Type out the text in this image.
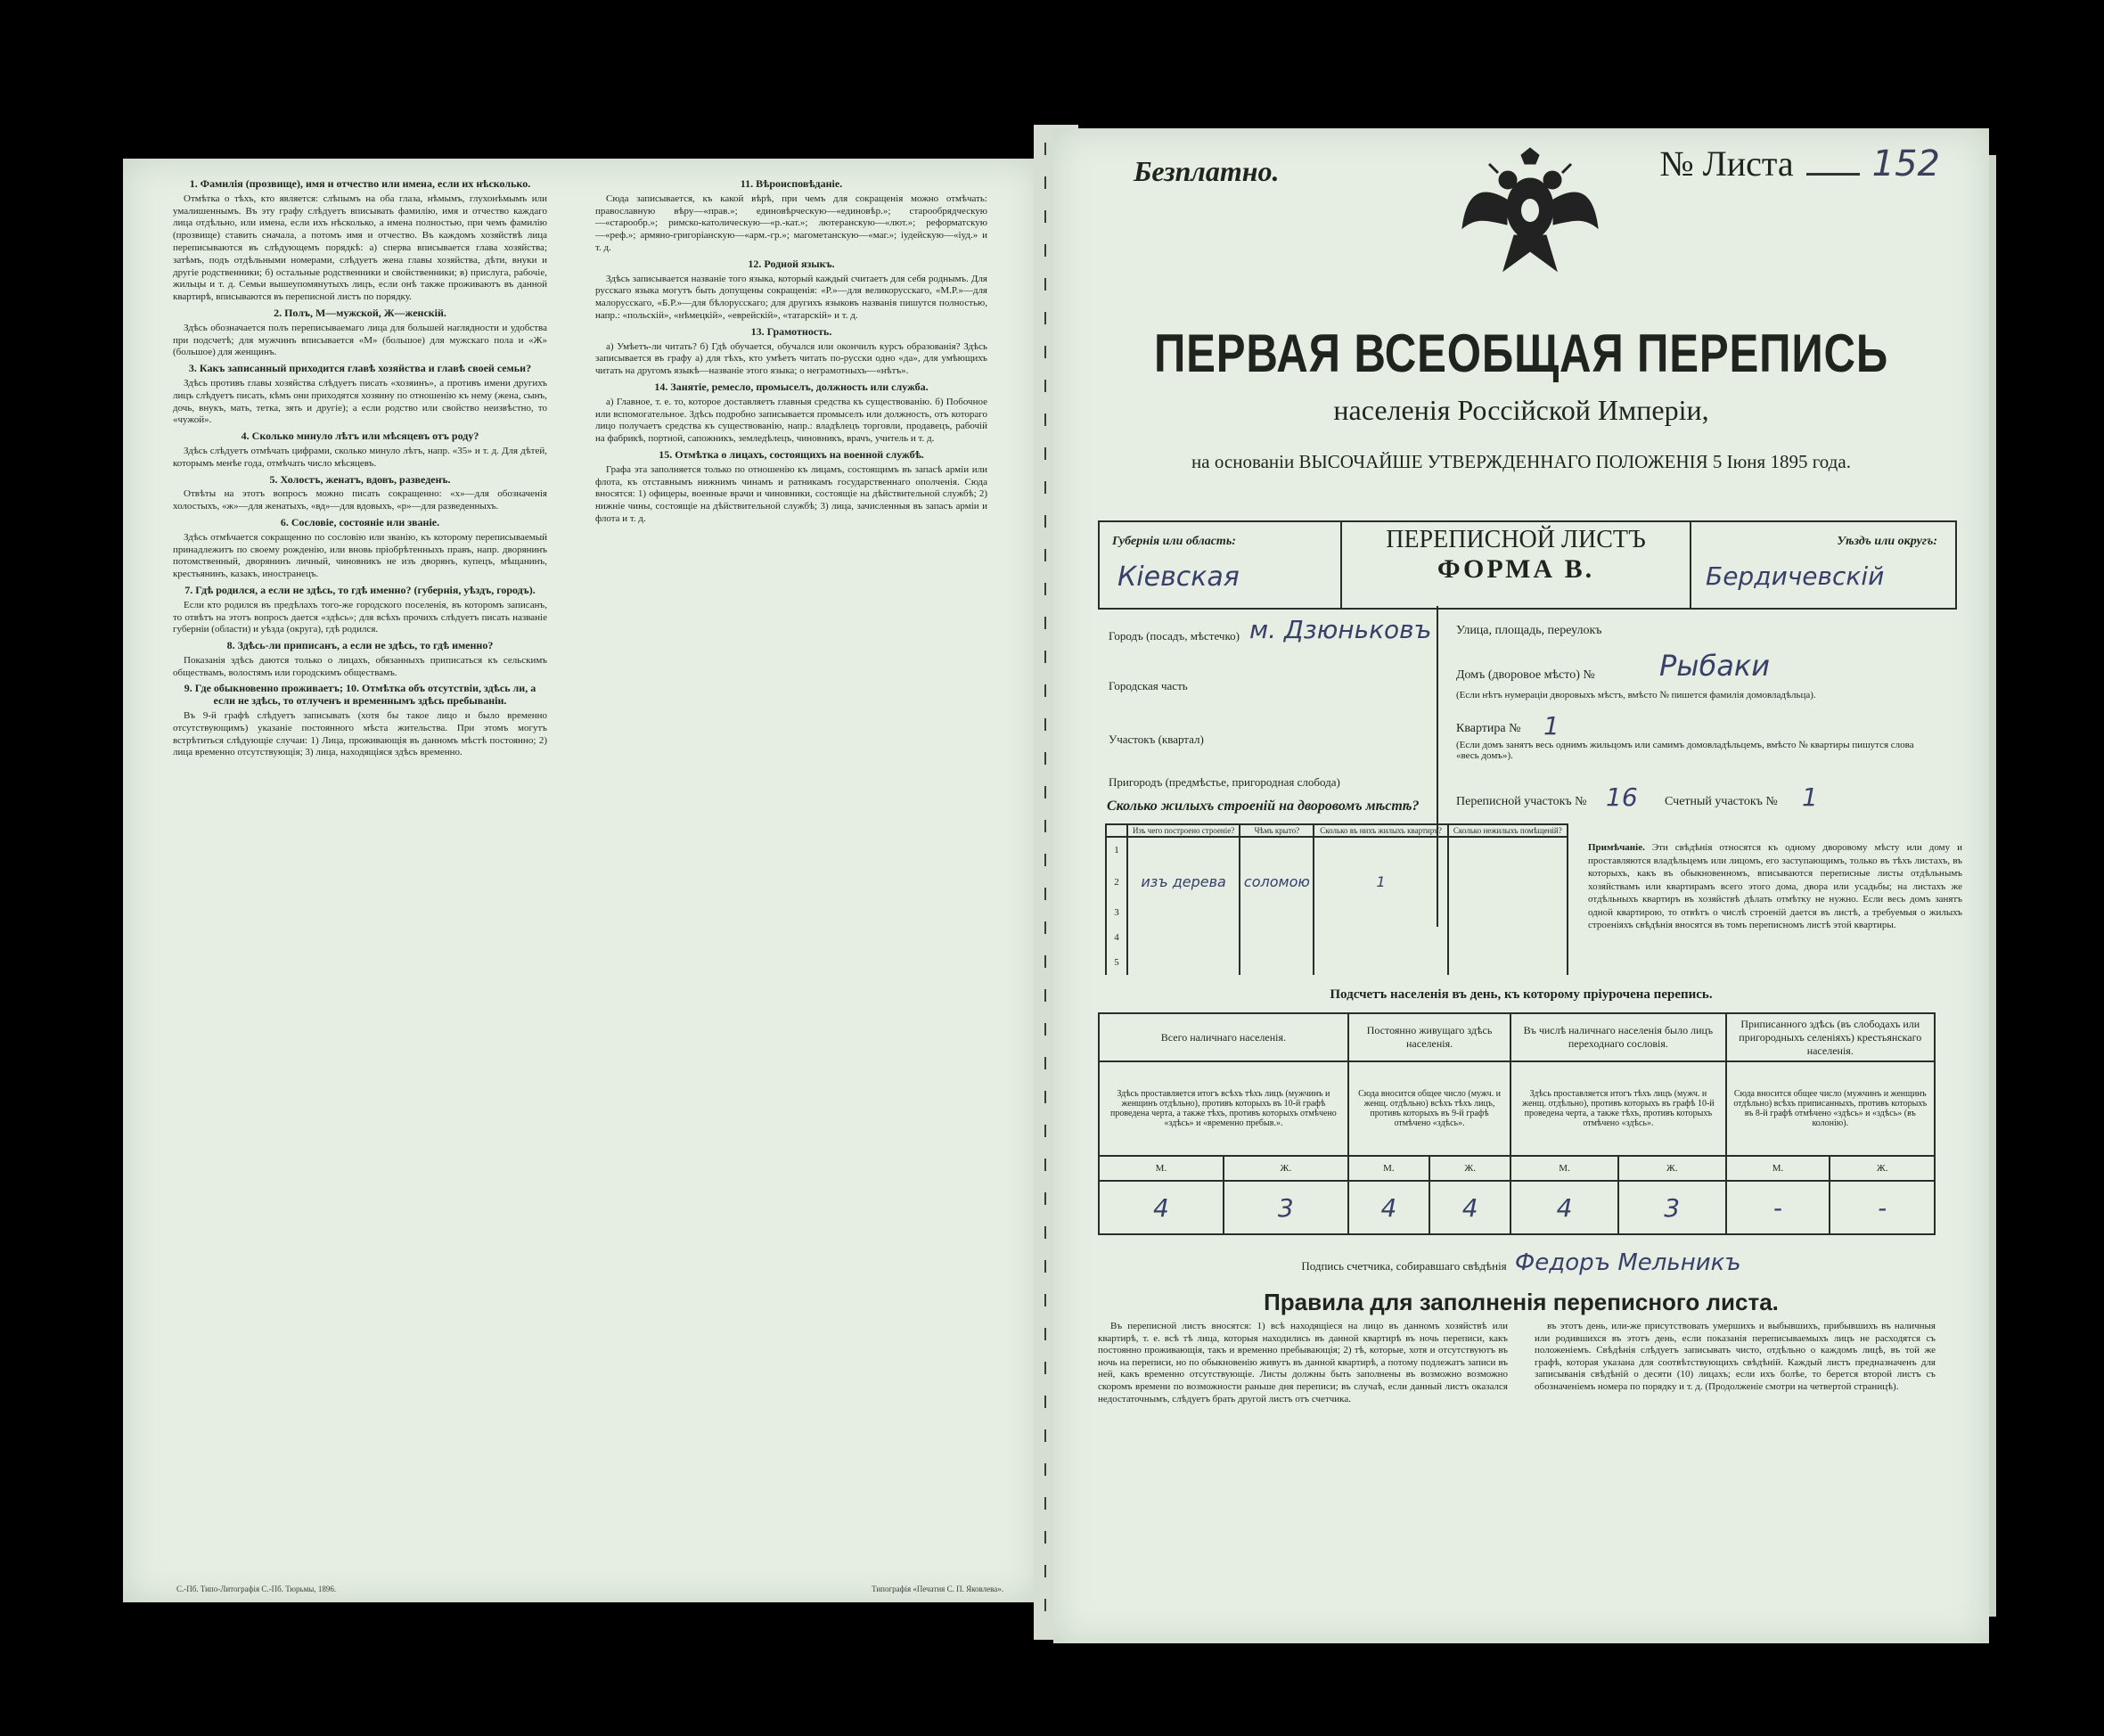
1. Фамилія (прозвище), имя и отчество или имена, если их нѣсколько.

Отмѣтка о тѣхъ, кто является: слѣпымъ на оба глаза, нѣмымъ, глухонѣмымъ или умалишеннымъ. Въ эту графу слѣдуетъ вписывать фамилію, имя и отчество каждаго лица отдѣльно, или имена, если ихъ нѣсколько, а имена полностью, при чемъ фамилію (прозвище) ставить сначала, а потомъ имя и отчество. Въ каждомъ хозяйствѣ лица переписываются въ слѣдующемъ порядкѣ: а) сперва вписывается глава хозяйства; затѣмъ, подъ отдѣльными номерами, слѣдуетъ жена главы хозяйства, дѣти, внуки и другіе родственники; б) остальные родственники и свойственники; в) прислуга, рабочіе, жильцы и т. д. Семьи вышеупомянутыхъ лицъ, если онѣ также проживаютъ въ данной квартирѣ, вписываются въ переписной листъ по порядку.

2. Полъ, М—мужской, Ж—женскій.

Здѣсь обозначается полъ переписываемаго лица для большей наглядности и удобства при подсчетѣ; для мужчинъ вписывается «М» (большое) для мужскаго пола и «Ж» (большое) для женщинъ.

3. Какъ записанный приходится главѣ хозяйства и главѣ своей семьи?

Здѣсь противъ главы хозяйства слѣдуетъ писать «хозяинъ», а противъ имени другихъ лицъ слѣдуетъ писать, кѣмъ они приходятся хозяину по отношенію къ нему (жена, сынъ, дочь, внукъ, мать, тетка, зять и другіе); а если родство или свойство неизвѣстно, то «чужой».

4. Сколько минуло лѣтъ или мѣсяцевъ отъ роду?

Здѣсь слѣдуетъ отмѣчать цифрами, сколько минуло лѣтъ, напр. «35» и т. д. Для дѣтей, которымъ менѣе года, отмѣчать число мѣсяцевъ.

5. Холостъ, женатъ, вдовъ, разведенъ.

Отвѣты на этотъ вопросъ можно писать сокращенно: «х»—для обозначенія холостыхъ, «ж»—для женатыхъ, «вд»—для вдовыхъ, «р»—для разведенныхъ.

6. Сословіе, состояніе или званіе.

Здѣсь отмѣчается сокращенно по сословію или званію, къ которому переписываемый принадлежитъ по своему рожденію, или вновь пріобрѣтенныхъ правъ, напр. дворянинъ потомственный, дворянинъ личный, чиновникъ не изъ дворянъ, купецъ, мѣщанинъ, крестьянинъ, казакъ, иностранецъ.

7. Гдѣ родился, а если не здѣсь, то гдѣ именно? (губернія, уѣздъ, городъ).

Если кто родился въ предѣлахъ того-же городского поселенія, въ которомъ записанъ, то отвѣтъ на этотъ вопросъ дается «здѣсь»; для всѣхъ прочихъ слѣдуетъ писать названіе губерніи (области) и уѣзда (округа), гдѣ родился.

8. Здѣсь-ли приписанъ, а если не здѣсь, то гдѣ именно?

Показанія здѣсь даются только о лицахъ, обязанныхъ приписаться къ сельскимъ обществамъ, волостямъ или городскимъ обществамъ.

9. Где обыкновенно проживаетъ; 10. Отмѣтка объ отсутствіи, здѣсь ли, а если не здѣсь, то отлученъ и временнымъ здѣсь пребываніи.

Въ 9-й графѣ слѣдуетъ записывать (хотя бы такое лицо и было временно отсутствующимъ) указаніе постоянного мѣста жительства. При этомъ могутъ встрѣтиться слѣдующіе случаи: 1) Лица, проживающія въ данномъ мѣстѣ постоянно; 2) лица временно отсутствующія; 3) лица, находящіяся здѣсь временно.

11. Вѣроисповѣданіе.

Сюда записывается, къ какой вѣрѣ, при чемъ для сокращенія можно отмѣчать: православную вѣру—«прав.»; единовѣрческую—«единовѣр.»; старообрядческую—«старообр.»; римско-католическую—«р.-кат.»; лютеранскую—«лют.»; реформатскую—«реф.»; армяно-григоріанскую—«арм.-гр.»; магометанскую—«маг.»; іудейскую—«іуд.» и т. д.

12. Родной языкъ.

Здѣсь записывается названіе того языка, который каждый считаетъ для себя роднымъ. Для русскаго языка могутъ быть допущены сокращенія: «Р.»—для великорусскаго, «М.Р.»—для малорусскаго, «Б.Р.»—для бѣлорусскаго; для другихъ языковъ названія пишутся полностью, напр.: «польскій», «нѣмецкій», «еврейскій», «татарскій» и т. д.

13. Грамотность.

а) Умѣетъ-ли читать? б) Гдѣ обучается, обучался или окончилъ курсъ образованія? Здѣсь записывается въ графу а) для тѣхъ, кто умѣетъ читать по-русски одно «да», для умѣющихъ читать на другомъ языкѣ—названіе этого языка; о неграмотныхъ—«нѣтъ».

14. Занятіе, ремесло, промыселъ, должность или служба.

а) Главное, т. е. то, которое доставляетъ главныя средства къ существованію. б) Побочное или вспомогательное. Здѣсь подробно записывается промыселъ или должность, отъ котораго лицо получаетъ средства къ существованію, напр.: владѣлецъ торговли, продавецъ, рабочій на фабрикѣ, портной, сапожникъ, земледѣлецъ, чиновникъ, врачъ, учитель и т. д.

15. Отмѣтка о лицахъ, состоящихъ на военной службѣ.

Графа эта заполняется только по отношенію къ лицамъ, состоящимъ въ запасѣ арміи или флота, къ отставнымъ нижнимъ чинамъ и ратникамъ государственнаго ополченія. Сюда вносятся: 1) офицеры, военные врачи и чиновники, состоящіе на дѣйствительной службѣ; 2) нижніе чины, состоящіе на дѣйствительной службѣ; 3) лица, зачисленныя въ запасъ арміи и флота и т. д.

С.-Пб. Типо-Литографія С.-Пб. Тюрьмы, 1896.	Типографія «Печатня С. П. Яковлева».
Безплатно.	№ Листа 152
ПЕРВАЯ ВСЕОБЩАЯ ПЕРЕПИСЬ
населенія Россійской Имперіи,
на основаніи ВЫСОЧАЙШЕ УТВЕРЖДЕННАГО ПОЛОЖЕНІЯ 5 Іюня 1895 года.
Губернія или область:
Кіевская
ПЕРЕПИСНОЙ ЛИСТЪ
ФОРМА В.
Уѣздъ или округъ:
Бердичевскій
Городъ (посадъ, мѣстечко) м. Дзюньковъ
Городская часть
Участокъ (квартал)
Пригородъ (предмѣстье, пригородная слобода)
Улица, площадь, переулокъ
Домъ (дворовое мѣсто) № Рыбаки
(Если нѣтъ нумераціи дворовыхъ мѣстъ, вмѣсто № пишется фамилія домовладѣльца).
Квартира № 1
(Если домъ занятъ весь однимъ жильцомъ или самимъ домовладѣльцемъ, вмѣсто № квартиры пишутся слова «весь домъ»).
Переписной участокъ № 16 Счетный участокъ № 1
Сколько жилыхъ строеній на дворовомъ мѣстѣ?
	Изъ чего построено строеніе?	Чѣмъ крыто?	Сколько въ нихъ жилыхъ квартиръ?	Сколько нежилыхъ помѣщеній?
1				
2	изъ дерева	соломою	1	
3				
4				
5				
Примѣчаніе. Эти свѣдѣнія относятся къ одному дворовому мѣсту или дому и проставляются владѣльцемъ или лицомъ, его заступающимъ, только въ тѣхъ листахъ, въ которыхъ, какъ въ обыкновенномъ, вписываются переписные листы отдѣльнымъ хозяйствамъ или квартирамъ всего этого дома, двора или усадьбы; на листахъ же отдѣльныхъ квартиръ въ хозяйствѣ дѣлать отмѣтку не нужно. Если весь домъ занятъ одной квартирою, то отвѣтъ о числѣ строеній дается въ листѣ, а требуемыя о жилыхъ строеніяхъ свѣдѣнія вносятся въ томъ переписномъ листѣ этой квартиры.
Подсчетъ населенія въ день, къ которому пріурочена перепись.
Всего наличнаго населенія.		Постоянно живущаго здѣсь населенія.		Въ числѣ наличнаго населенія было лицъ переходнаго сословія.		Приписанного здѣсь (въ слободахъ или пригородныхъ селеніяхъ) крестьянскаго населенія.	
Здѣсь проставляется итогъ всѣхъ тѣхъ лицъ (мужчинъ и женщинъ отдѣльно), противъ которыхъ въ 10-й графѣ проведена черта, а также тѣхъ, противъ которыхъ отмѣчено «здѣсь» и «временно пребыв.».		Сюда вносится общее число (мужч. и женщ. отдѣльно) всѣхъ тѣхъ лицъ, противъ которыхъ въ 9-й графѣ отмѣчено «здѣсь».		Здѣсь проставляется итогъ тѣхъ лицъ (мужч. и женщ. отдѣльно), противъ которыхъ въ графѣ 10-й проведена черта, а также тѣхъ, противъ которыхъ отмѣчено «здѣсь».		Сюда вносится общее число (мужчинъ и женщинъ отдѣльно) всѣхъ приписанныхъ, противъ которыхъ въ 8-й графѣ отмѣчено «здѣсь» и «здѣсь» (въ колонію).	
М.	Ж.	М.	Ж.	М.	Ж.	М.	Ж.
4	3	4	4	4	3	-	-
Подпись счетчика, собиравшаго свѣдѣнія Федоръ Мельникъ
Правила для заполненія переписного листа.

Въ переписной листъ вносятся: 1) всѣ находящіеся на лицо въ данномъ хозяйствѣ или квартирѣ, т. е. всѣ тѣ лица, которыя находились въ данной квартирѣ въ ночь переписи, какъ постоянно проживающія, такъ и временно пребывающія; 2) тѣ, которые, хотя и отсутствуютъ въ ночь на переписи, но по обыкновенію живутъ въ данной квартирѣ, а потому подлежатъ записи въ ней, какъ временно отсутствующіе. Листы должны быть заполнены въ возможно возможно скоромъ времени по возможности раньше дня переписи; въ случаѣ, если данный листъ оказался недостаточнымъ, слѣдуетъ брать другой листъ отъ счетчика.

въ этотъ день, или-же присутствовать умершихъ и выбывшихъ, прибывшихъ въ наличныя или родившихся въ этотъ день, если показанія переписываемыхъ лицъ не расходятся съ положеніемъ. Свѣдѣнія слѣдуетъ записывать чисто, отдѣльно о каждомъ лицѣ, въ той же графѣ, которая указана для соотвѣтствующихъ свѣдѣній. Каждый листъ предназначенъ для записыванія свѣдѣній о десяти (10) лицахъ; если ихъ болѣе, то берется второй листъ съ обозначеніемъ номера по порядку и т. д. (Продолженіе смотри на четвертой страницѣ).
